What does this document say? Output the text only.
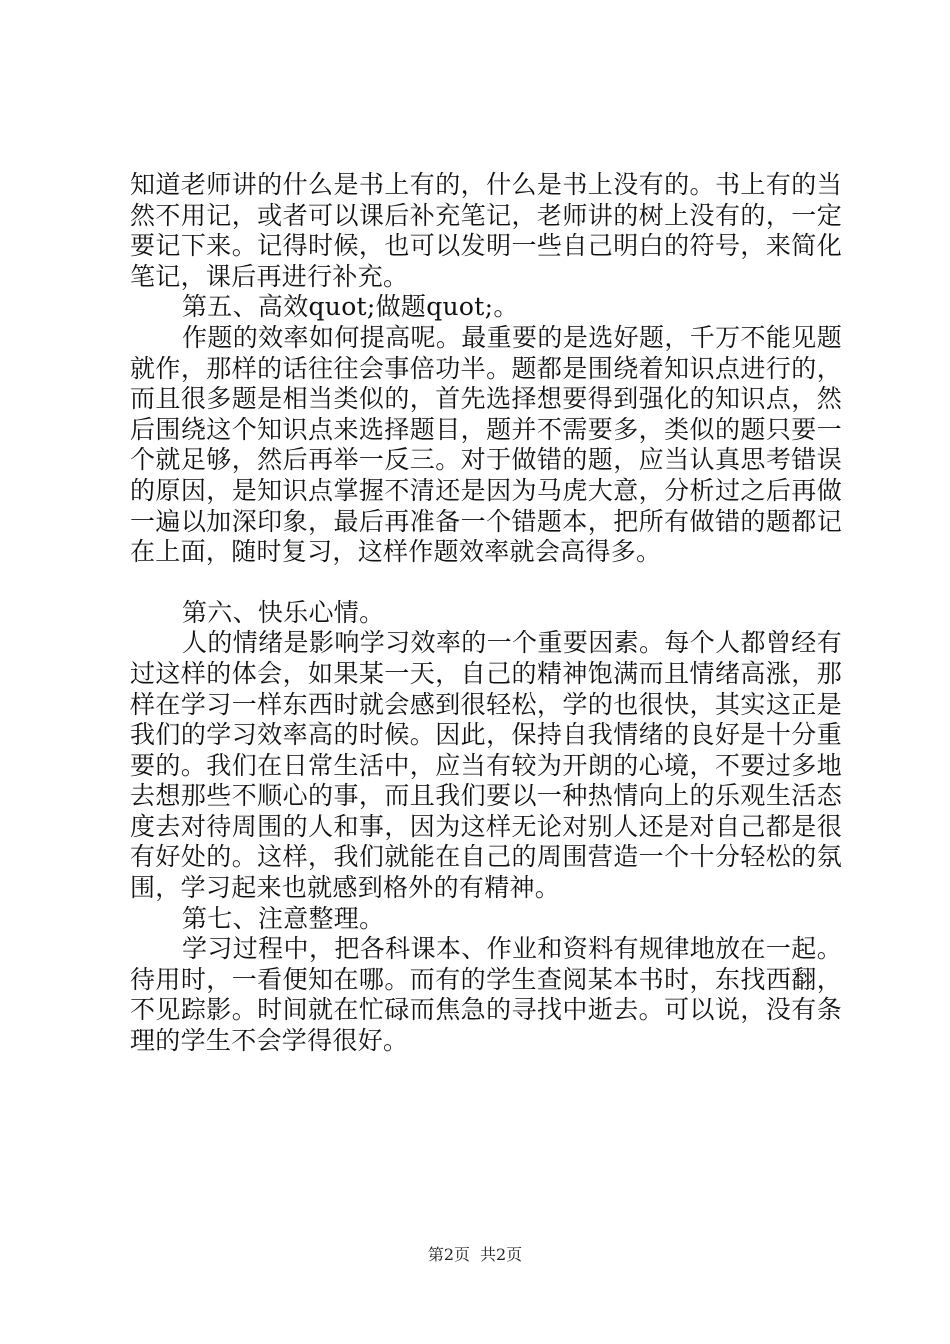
知道老师讲的什么是书上有的，什么是书上没有的。书上有的当然不用记，或者可以课后补充笔记，老师讲的树上没有的，一定要记下来。记得时候，也可以发明一些自己明白的符号，来简化笔记，课后再进行补充。

第五、高效quot;做题quot;。

作题的效率如何提高呢。最重要的是选好题，千万不能见题就作，那样的话往往会事倍功半。题都是围绕着知识点进行的，而且很多题是相当类似的，首先选择想要得到强化的知识点，然后围绕这个知识点来选择题目，题并不需要多，类似的题只要一个就足够，然后再举一反三。对于做错的题，应当认真思考错误的原因，是知识点掌握不清还是因为马虎大意，分析过之后再做一遍以加深印象，最后再准备一个错题本，把所有做错的题都记在上面，随时复习，这样作题效率就会高得多。

第六、快乐心情。

人的情绪是影响学习效率的一个重要因素。每个人都曾经有过这样的体会，如果某一天，自己的精神饱满而且情绪高涨，那样在学习一样东西时就会感到很轻松，学的也很快，其实这正是我们的学习效率高的时候。因此，保持自我情绪的良好是十分重要的。我们在日常生活中，应当有较为开朗的心境，不要过多地去想那些不顺心的事，而且我们要以一种热情向上的乐观生活态度去对待周围的人和事，因为这样无论对别人还是对自己都是很有好处的。这样，我们就能在自己的周围营造一个十分轻松的氛围，学习起来也就感到格外的有精神。

第七、注意整理。

学习过程中，把各科课本、作业和资料有规律地放在一起。待用时，一看便知在哪。而有的学生查阅某本书时，东找西翻，不见踪影。时间就在忙碌而焦急的寻找中逝去。可以说，没有条理的学生不会学得很好。

第2页 共2页
